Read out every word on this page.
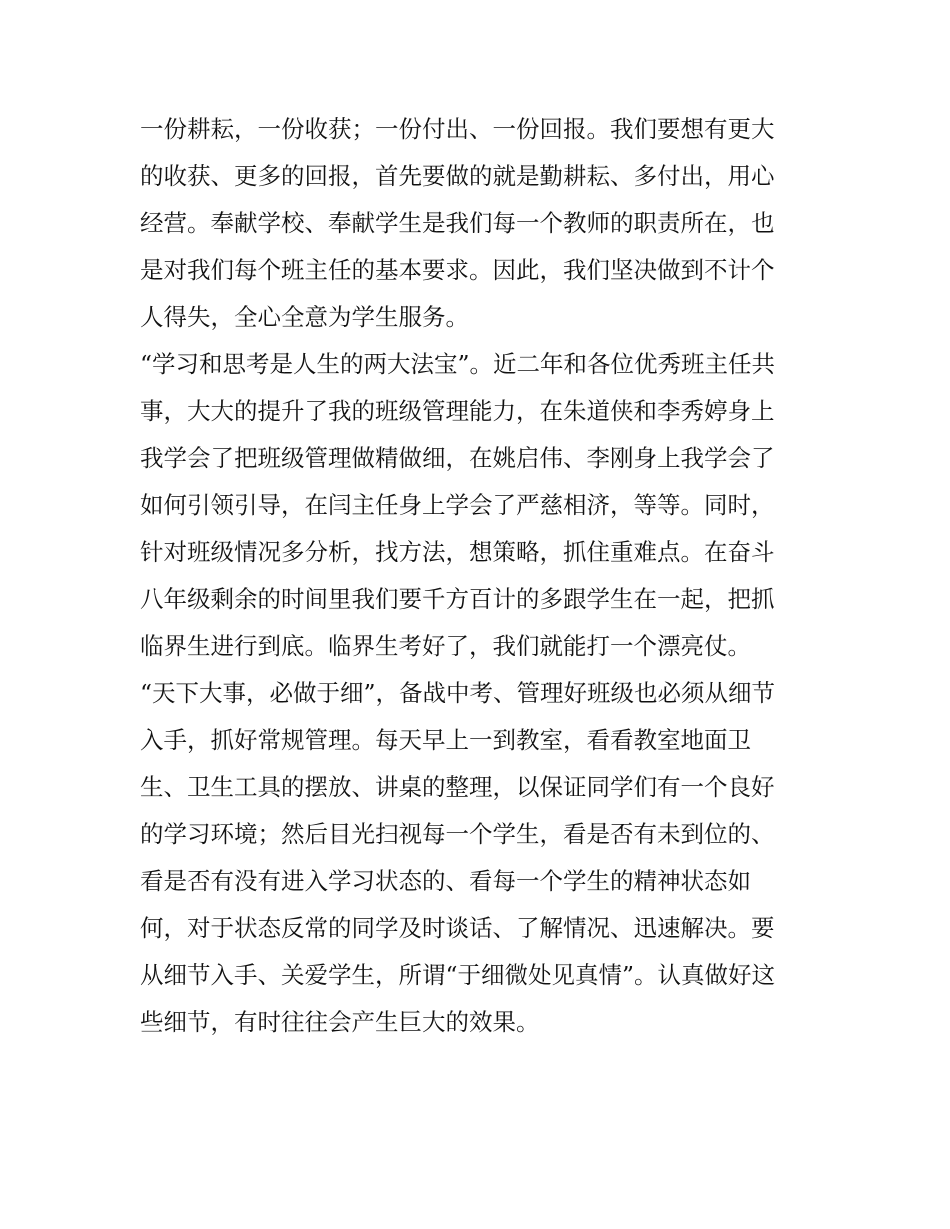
一份耕耘，一份收获；一份付出、一份回报。我们要想有更大
的收获、更多的回报，首先要做的就是勤耕耘、多付出，用心
经营。奉献学校、奉献学生是我们每一个教师的职责所在，也
是对我们每个班主任的基本要求。因此，我们坚决做到不计个
人得失，全心全意为学生服务。
“学习和思考是人生的两大法宝”。近二年和各位优秀班主任共
事，大大的提升了我的班级管理能力，在朱道侠和李秀婷身上
我学会了把班级管理做精做细，在姚启伟、李刚身上我学会了
如何引领引导，在闫主任身上学会了严慈相济，等等。同时，
针对班级情况多分析，找方法，想策略，抓住重难点。在奋斗
八年级剩余的时间里我们要千方百计的多跟学生在一起，把抓
临界生进行到底。临界生考好了，我们就能打一个漂亮仗。
“天下大事，必做于细”，备战中考、管理好班级也必须从细节
入手，抓好常规管理。每天早上一到教室，看看教室地面卫
生、卫生工具的摆放、讲桌的整理，以保证同学们有一个良好
的学习环境；然后目光扫视每一个学生，看是否有未到位的、
看是否有没有进入学习状态的、看每一个学生的精神状态如
何，对于状态反常的同学及时谈话、了解情况、迅速解决。要
从细节入手、关爱学生，所谓“于细微处见真情”。认真做好这
些细节，有时往往会产生巨大的效果。
